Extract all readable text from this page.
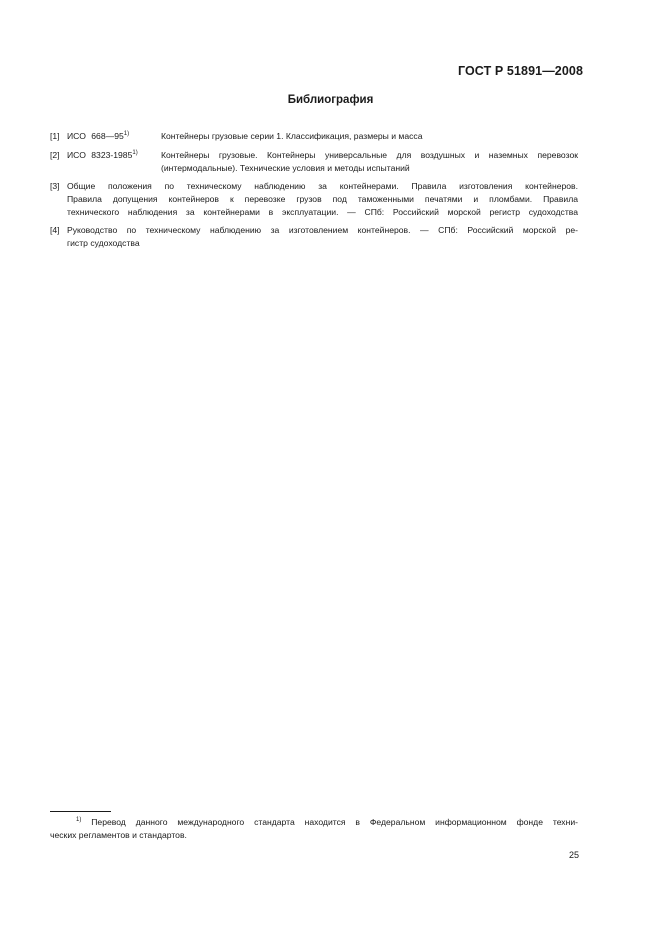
ГОСТ Р 51891—2008
Библиография
[1] ИСО 668—95$^{1)}$	Контейнеры грузовые серии 1. Классификация, размеры и масса
[2] ИСО 8323-1985$^{1)}$	Контейнеры грузовые. Контейнеры универсальные для воздушных и наземных перевозок (интермодальные). Технические условия и методы испытаний
[3] Общие положения по техническому наблюдению за контейнерами. Правила изготовления контейнеров.
Правила допущения контейнеров к перевозке грузов под таможенными печатями и пломбами. Правила
технического наблюдения за контейнерами в эксплуатации. — СПб: Российский морской регистр судоходства
[4] Руководство по техническому наблюдению за изготовлением контейнеров. — СПб: Российский морской ре-
гистр судоходства
$^{1)}$ Перевод данного международного стандарта находится в Федеральном информационном фонде техни-
ческих регламентов и стандартов.
25
